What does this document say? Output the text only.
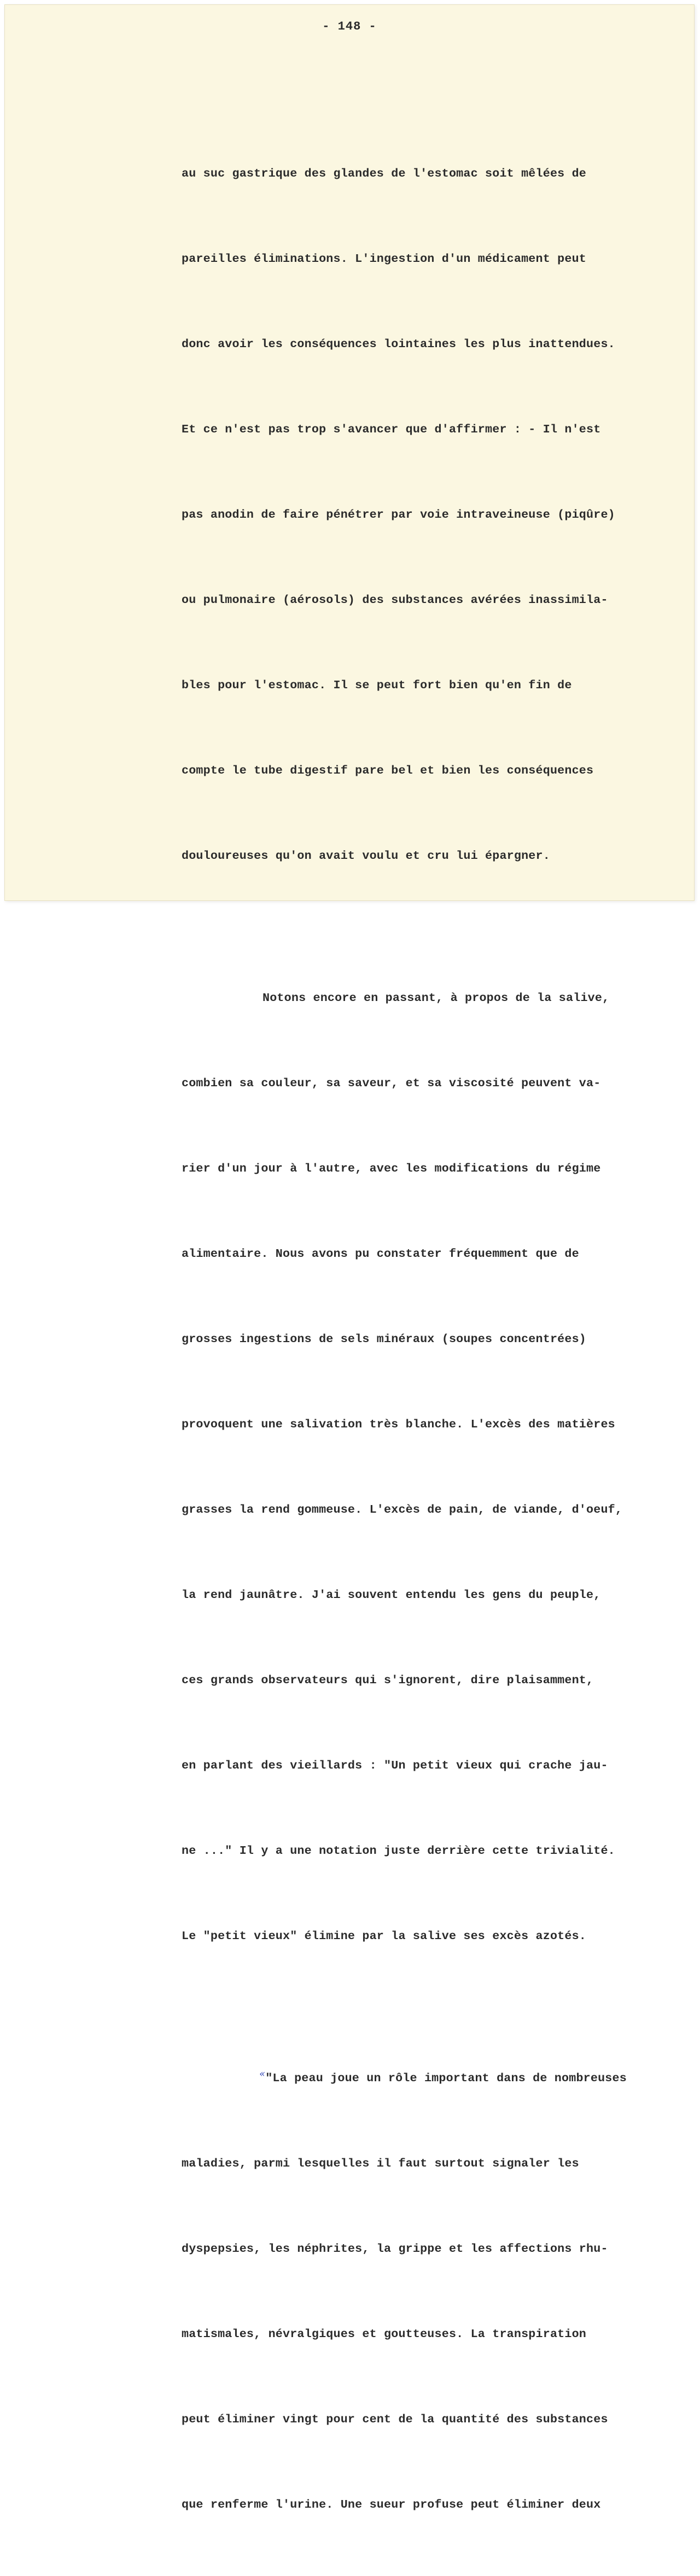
- 148 -

au suc gastrique des glandes de l'estomac soit mêlées de

pareilles éliminations. L'ingestion d'un médicament peut

donc avoir les conséquences lointaines les plus inattendues.

Et ce n'est pas trop s'avancer que d'affirmer : - Il n'est

pas anodin de faire pénétrer par voie intraveineuse (piqûre)

ou pulmonaire (aérosols) des substances avérées inassimila-

bles pour l'estomac. Il se peut fort bien qu'en fin de

compte le tube digestif pare bel et bien les conséquences

douloureuses qu'on avait voulu et cru lui épargner.

Notons encore en passant, à propos de la salive,

combien sa couleur, sa saveur, et sa viscosité peuvent va-

rier d'un jour à l'autre, avec les modifications du régime

alimentaire. Nous avons pu constater fréquemment que de

grosses ingestions de sels minéraux (soupes concentrées)

provoquent une salivation très blanche. L'excès des matières

grasses la rend gommeuse. L'excès de pain, de viande, d'oeuf,

la rend jaunâtre. J'ai souvent entendu les gens du peuple,

ces grands observateurs qui s'ignorent, dire plaisamment,

en parlant des vieillards : "Un petit vieux qui crache jau-

ne ..." Il y a une notation juste derrière cette trivialité.

Le "petit vieux" élimine par la salive ses excès azotés.

«"La peau joue un rôle important dans de nombreuses

maladies, parmi lesquelles il faut surtout signaler les

dyspepsies, les néphrites, la grippe et les affections rhu-

matismales, névralgiques et goutteuses. La transpiration

peut éliminer vingt pour cent de la quantité des substances

que renferme l'urine. Une sueur profuse peut éliminer deux
